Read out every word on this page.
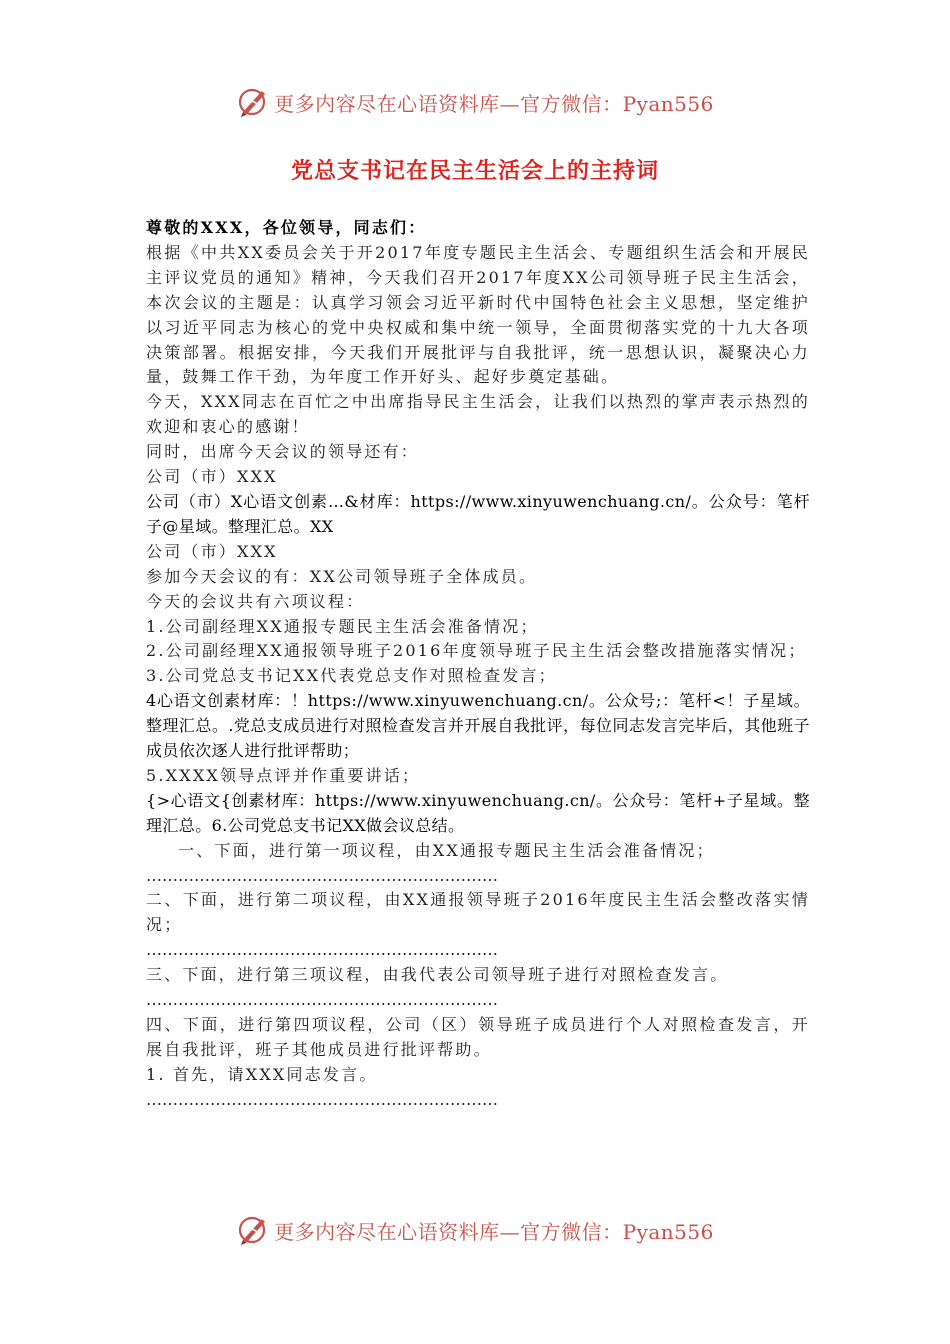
更多内容尽在心语资料库—官方微信：Pyan556
党总支书记在民主生活会上的主持词

尊敬的XXX，各位领导，同志们：

根据《中共XX委员会关于开2017年度专题民主生活会、专题组织生活会和开展民主评议党员的通知》精神，今天我们召开2017年度XX公司领导班子民主生活会，本次会议的主题是：认真学习领会习近平新时代中国特色社会主义思想，坚定维护以习近平同志为核心的党中央权威和集中统一领导，全面贯彻落实党的十九大各项决策部署。根据安排，今天我们开展批评与自我批评，统一思想认识，凝聚决心力量，鼓舞工作干劲，为年度工作开好头、起好步奠定基础。

今天，XXX同志在百忙之中出席指导民主生活会，让我们以热烈的掌声表示热烈的欢迎和衷心的感谢！

同时，出席今天会议的领导还有：

公司（市）XXX

公司（市）X心语文创素…&材库：https://www.xinyuwenchuang.cn/。公众号：笔杆子@星域。整理汇总。XX

公司（市）XXX

参加今天会议的有：XX公司领导班子全体成员。

今天的会议共有六项议程：

1.公司副经理XX通报专题民主生活会准备情况；

2.公司副经理XX通报领导班子2016年度领导班子民主生活会整改措施落实情况；

3.公司党总支书记XX代表党总支作对照检查发言；

4心语文创素材库：！https://www.xinyuwenchuang.cn/。公众号;：笔杆<！子星域。整理汇总。.党总支成员进行对照检查发言并开展自我批评，每位同志发言完毕后，其他班子成员依次逐人进行批评帮助；

5.XXXX领导点评并作重要讲话；

{>心语文{创素材库：https://www.xinyuwenchuang.cn/。公众号：笔杆+子星域。整理汇总。6.公司党总支书记XX做会议总结。

一、下面，进行第一项议程，由XX通报专题民主生活会准备情况；

…………………………………………………………

二、下面，进行第二项议程，由XX通报领导班子2016年度民主生活会整改落实情况；

…………………………………………………………

三、下面，进行第三项议程，由我代表公司领导班子进行对照检查发言。

…………………………………………………………

四、下面，进行第四项议程，公司（区）领导班子成员进行个人对照检查发言，开展自我批评，班子其他成员进行批评帮助。

1. 首先，请XXX同志发言。

…………………………………………………………

更多内容尽在心语资料库—官方微信：Pyan556
